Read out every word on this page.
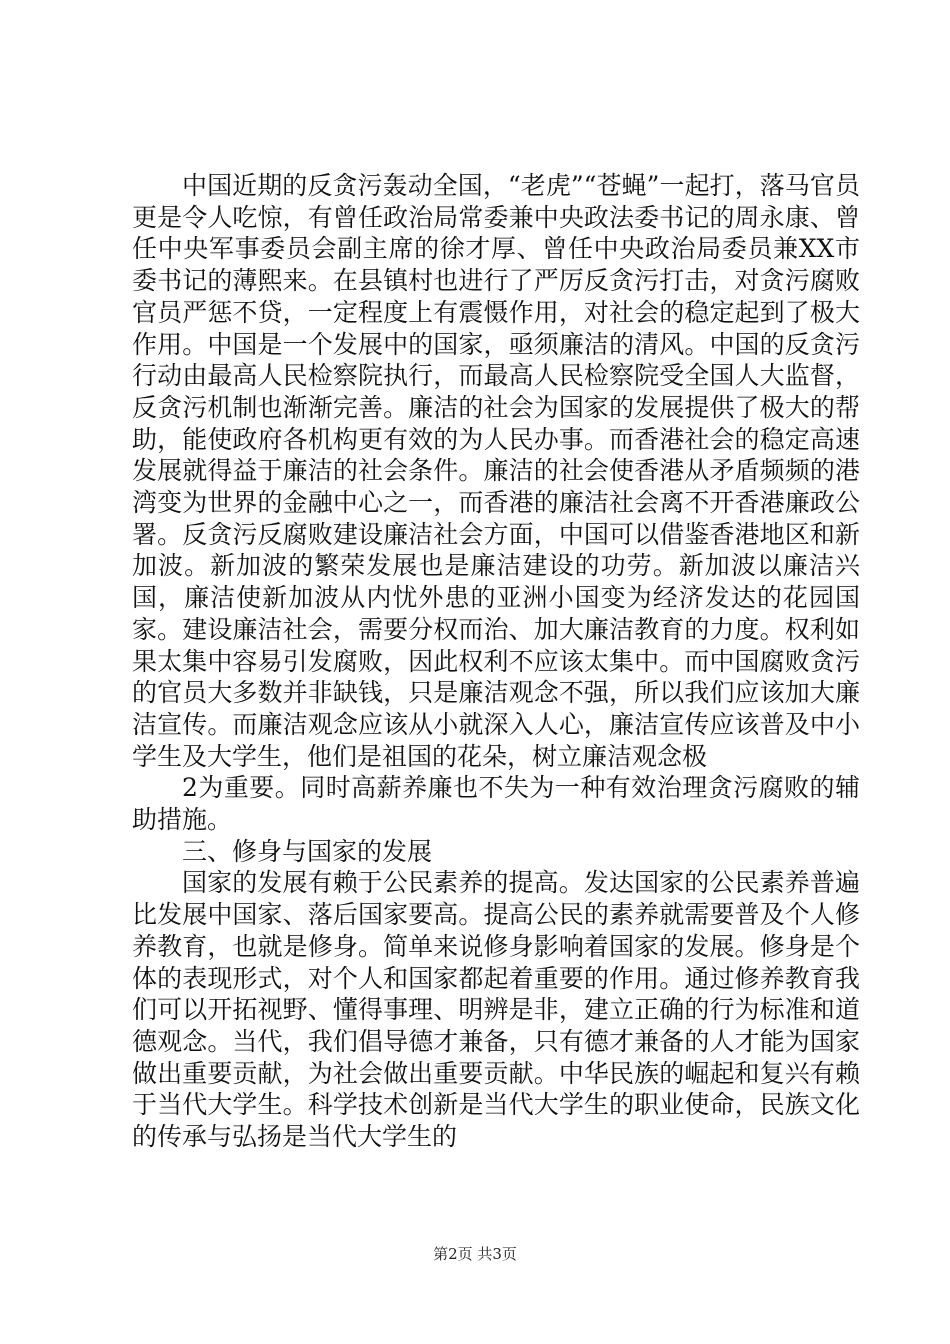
中国近期的反贪污轰动全国，“老虎”“苍蝇”一起打，落马官员更是令人吃惊，有曾任政治局常委兼中央政法委书记的周永康、曾任中央军事委员会副主席的徐才厚、曾任中央政治局委员兼XX市委书记的薄熙来。在县镇村也进行了严厉反贪污打击，对贪污腐败官员严惩不贷，一定程度上有震慑作用，对社会的稳定起到了极大作用。中国是一个发展中的国家，亟须廉洁的清风。中国的反贪污行动由最高人民检察院执行，而最高人民检察院受全国人大监督，反贪污机制也渐渐完善。廉洁的社会为国家的发展提供了极大的帮助，能使政府各机构更有效的为人民办事。而香港社会的稳定高速发展就得益于廉洁的社会条件。廉洁的社会使香港从矛盾频频的港湾变为世界的金融中心之一，而香港的廉洁社会离不开香港廉政公署。反贪污反腐败建设廉洁社会方面，中国可以借鉴香港地区和新加波。新加波的繁荣发展也是廉洁建设的功劳。新加波以廉洁兴国，廉洁使新加波从内忧外患的亚洲小国变为经济发达的花园国家。建设廉洁社会，需要分权而治、加大廉洁教育的力度。权利如果太集中容易引发腐败，因此权利不应该太集中。而中国腐败贪污的官员大多数并非缺钱，只是廉洁观念不强，所以我们应该加大廉洁宣传。而廉洁观念应该从小就深入人心，廉洁宣传应该普及中小学生及大学生，他们是祖国的花朵，树立廉洁观念极

2为重要。同时高薪养廉也不失为一种有效治理贪污腐败的辅助措施。

三、修身与国家的发展

国家的发展有赖于公民素养的提高。发达国家的公民素养普遍比发展中国家、落后国家要高。提高公民的素养就需要普及个人修养教育，也就是修身。简单来说修身影响着国家的发展。修身是个体的表现形式，对个人和国家都起着重要的作用。通过修养教育我们可以开拓视野、懂得事理、明辨是非，建立正确的行为标准和道德观念。当代，我们倡导德才兼备，只有德才兼备的人才能为国家做出重要贡献，为社会做出重要贡献。中华民族的崛起和复兴有赖于当代大学生。科学技术创新是当代大学生的职业使命，民族文化的传承与弘扬是当代大学生的

第2页 共3页
